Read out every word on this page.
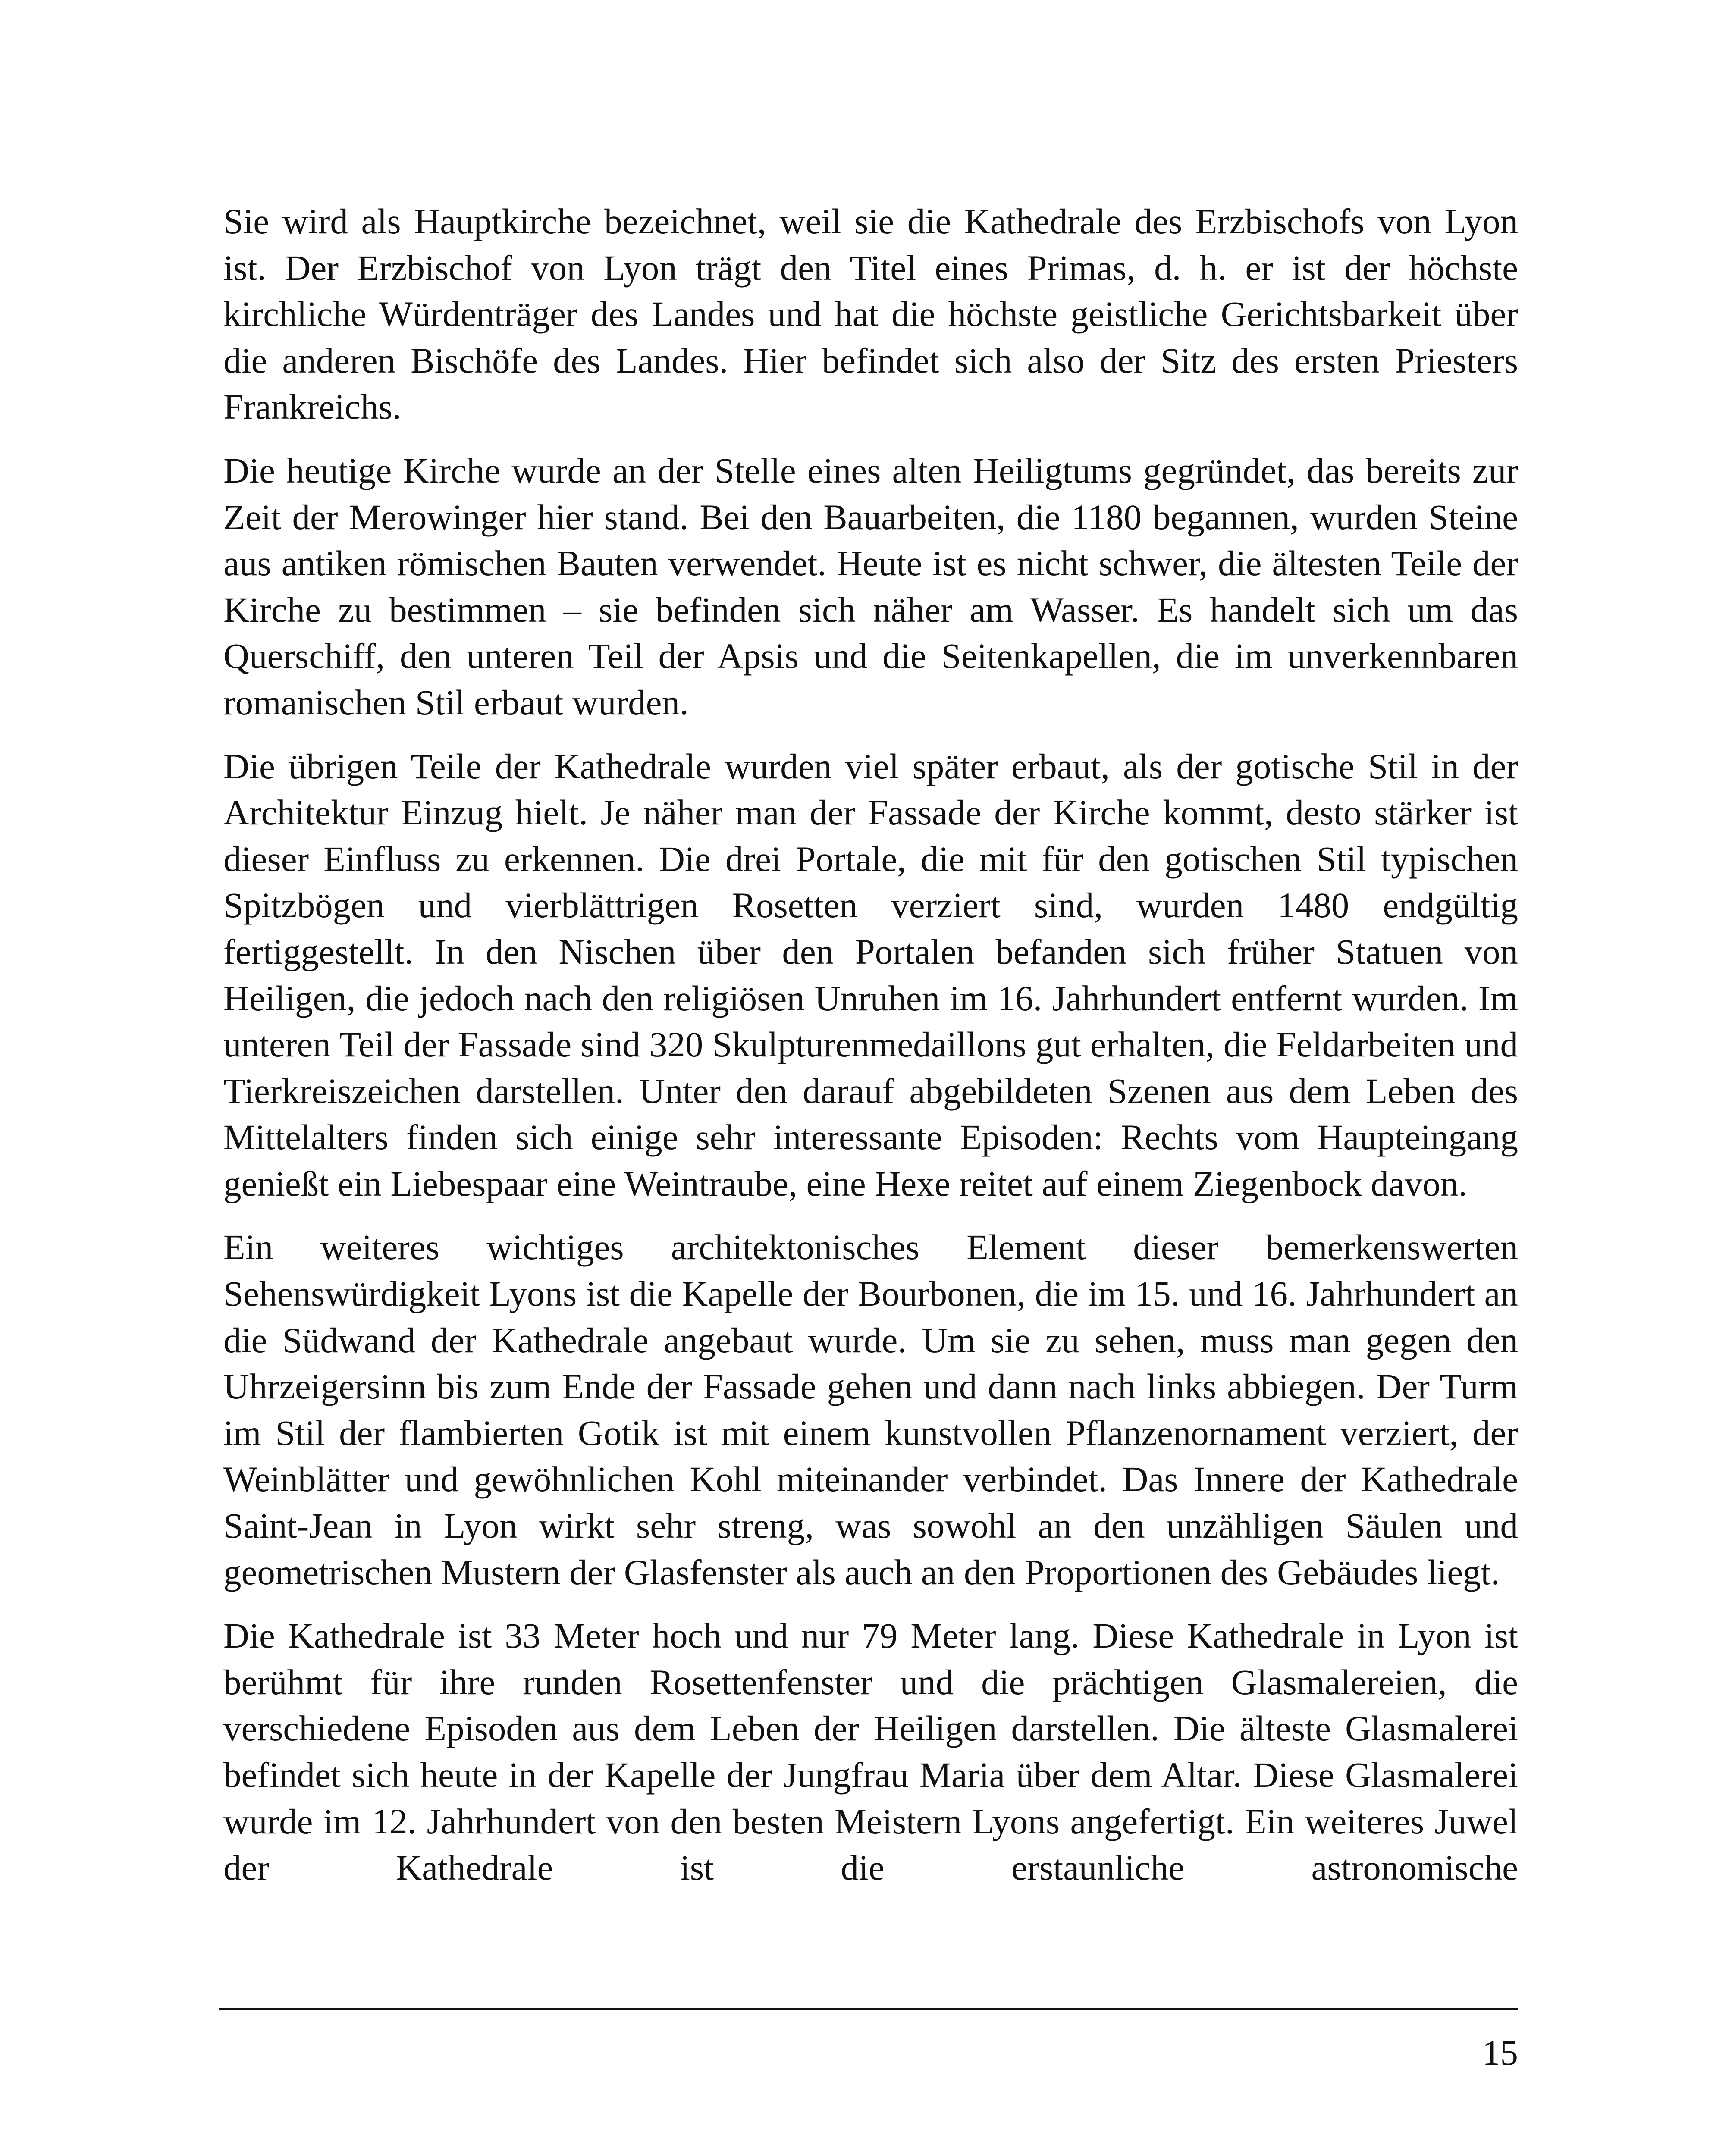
Sie wird als Hauptkirche bezeichnet, weil sie die Kathedrale des Erzbischofs von Lyon ist. Der Erzbischof von Lyon trägt den Titel eines Primas, d. h. er ist der höchste kirchliche Würdenträger des Landes und hat die höchste geistliche Gerichtsbarkeit über die anderen Bischöfe des Landes. Hier befindet sich also der Sitz des ersten Priesters Frankreichs.

Die heutige Kirche wurde an der Stelle eines alten Heiligtums gegründet, das bereits zur Zeit der Merowinger hier stand. Bei den Bauarbeiten, die 1180 begannen, wurden Steine aus antiken römischen Bauten verwendet. Heute ist es nicht schwer, die ältesten Teile der Kirche zu bestimmen – sie befinden sich näher am Wasser. Es handelt sich um das Querschiff, den unteren Teil der Apsis und die Seitenkapellen, die im unverkennbaren romanischen Stil erbaut wurden.

Die übrigen Teile der Kathedrale wurden viel später erbaut, als der gotische Stil in der Architektur Einzug hielt. Je näher man der Fassade der Kirche kommt, desto stärker ist dieser Einfluss zu erkennen. Die drei Portale, die mit für den gotischen Stil typischen Spitzbögen und vierblättrigen Rosetten verziert sind, wurden 1480 endgültig fertiggestellt. In den Nischen über den Portalen befanden sich früher Statuen von Heiligen, die jedoch nach den religiösen Unruhen im 16. Jahrhundert entfernt wurden. Im unteren Teil der Fassade sind 320 Skulpturenmedaillons gut erhalten, die Feldarbeiten und Tierkreiszeichen darstellen. Unter den darauf abgebildeten Szenen aus dem Leben des Mittelalters finden sich einige sehr interessante Episoden: Rechts vom Haupteingang genießt ein Liebespaar eine Weintraube, eine Hexe reitet auf einem Ziegenbock davon.

Ein weiteres wichtiges architektonisches Element dieser bemerkenswerten Sehenswürdigkeit Lyons ist die Kapelle der Bourbonen, die im 15. und 16. Jahrhundert an die Südwand der Kathedrale angebaut wurde. Um sie zu sehen, muss man gegen den Uhrzeigersinn bis zum Ende der Fassade gehen und dann nach links abbiegen. Der Turm im Stil der flambierten Gotik ist mit einem kunstvollen Pflanzenornament verziert, der Weinblätter und gewöhnlichen Kohl miteinander verbindet. Das Innere der Kathedrale Saint-Jean in Lyon wirkt sehr streng, was sowohl an den unzähligen Säulen und geometrischen Mustern der Glasfenster als auch an den Proportionen des Gebäudes liegt.

Die Kathedrale ist 33 Meter hoch und nur 79 Meter lang. Diese Kathedrale in Lyon ist berühmt für ihre runden Rosettenfenster und die prächtigen Glasmalereien, die verschiedene Episoden aus dem Leben der Heiligen darstellen. Die älteste Glasmalerei befindet sich heute in der Kapelle der Jungfrau Maria über dem Altar. Diese Glasmalerei wurde im 12. Jahrhundert von den besten Meistern Lyons angefertigt. Ein weiteres Juwel der Kathedrale ist die erstaunliche astronomische

15
